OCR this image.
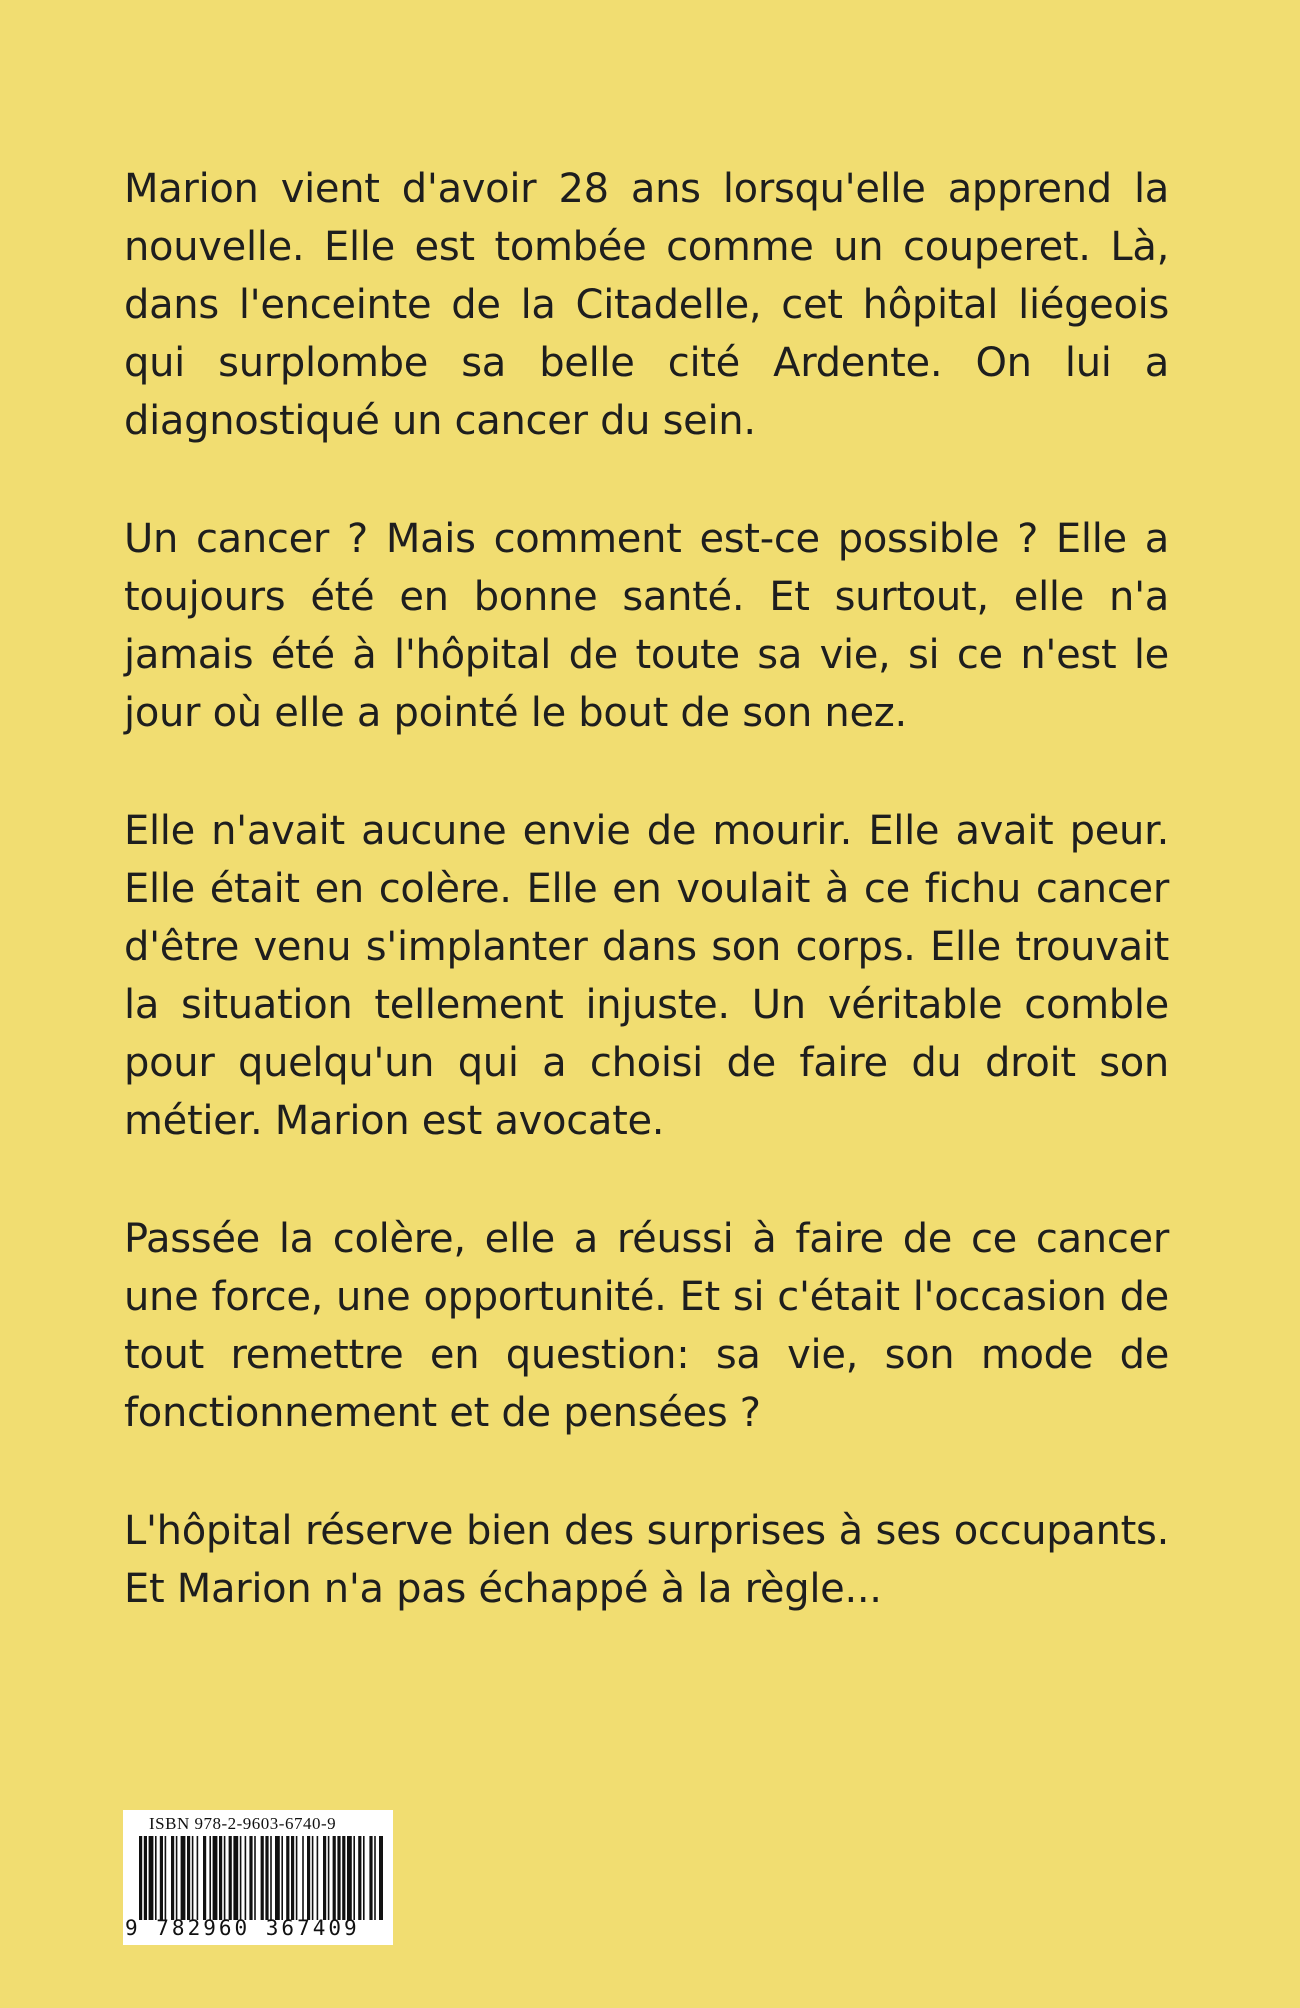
Marion vient d'avoir 28 ans lorsqu'elle apprend la nouvelle. Elle est tombée comme un couperet. Là, dans l'enceinte de la Citadelle, cet hôpital liégeois qui surplombe sa belle cité Ardente. On lui a diagnostiqué un cancer du sein.

Un cancer ? Mais comment est-ce possible ? Elle a toujours été en bonne santé. Et surtout, elle n'a jamais été à l'hôpital de toute sa vie, si ce n'est le jour où elle a pointé le bout de son nez.

Elle n'avait aucune envie de mourir. Elle avait peur. Elle était en colère. Elle en voulait à ce fichu cancer d'être venu s'implanter dans son corps. Elle trouvait la situation tellement injuste. Un véritable comble pour quelqu'un qui a choisi de faire du droit son métier. Marion est avocate.

Passée la colère, elle a réussi à faire de ce cancer une force, une opportunité. Et si c'était l'occasion de tout remettre en question: sa vie, son mode de fonctionnement et de pensées ?

L'hôpital réserve bien des surprises à ses occupants. Et Marion n'a pas échappé à la règle...

ISBN 978-2-9603-6740-9
9 782960 367409
